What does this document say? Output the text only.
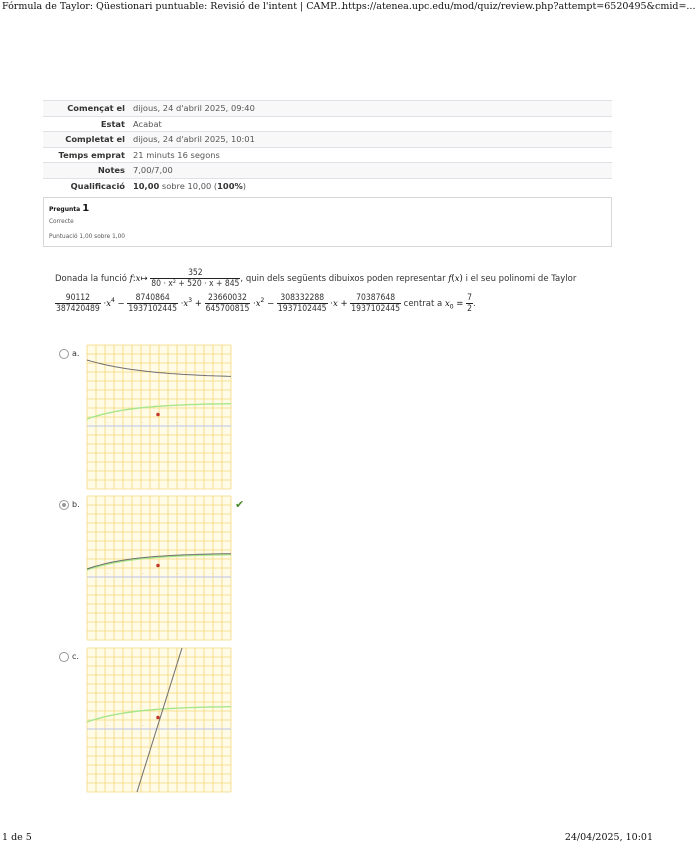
Fórmula de Taylor: Qüestionari puntuable: Revisió de l'intent | CAMP...
https://atenea.upc.edu/mod/quiz/review.php?attempt=6520495&cmid=...
Començat el	dijous, 24 d'abril 2025, 09:40
Estat	Acabat
Completat el	dijous, 24 d'abril 2025, 10:01
Temps emprat	21 minuts 16 segons
Notes	7,00/7,00
Qualificació	10,00 sobre 10,00 (100%)
Pregunta 1
Correcte
Puntuació 1,00 sobre 1,00
Donada la funció f:x↦ $\frac{352}{\text{80 · x² + 520 · x + 845}}$ , quin dels següents dibuixos poden representar f(x) i el seu polinomi de Taylor
$\frac{90112}{387420489} \cdot x^4 - \frac{8740864}{1937102445} \cdot x^3 + \frac{23660032}{645700815} \cdot x^2 - \frac{308332288}{1937102445} \cdot x + \frac{70387648}{1937102445}$ centrat a $x_0 = \frac{7}{2}$ .
a.
·	·	·	·
b.
·	·	·	·
✔
c.
·	·	·	·
1 de 5	24/04/2025, 10:01
